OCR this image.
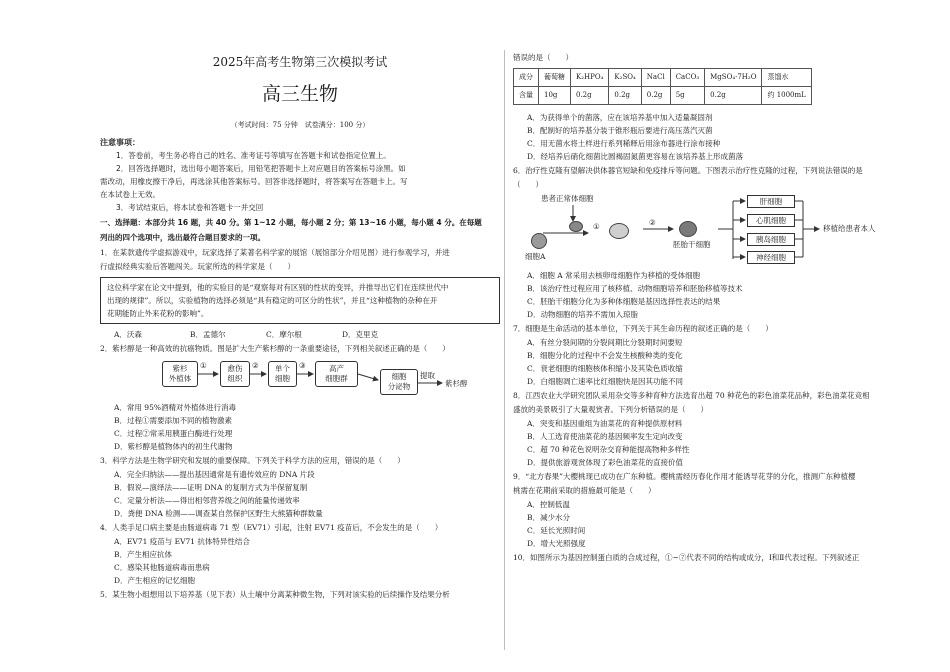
2025年高考生物第三次模拟考试
高三生物
（考试时间：75 分钟　试卷满分：100 分）
注意事项：

1．答卷前，考生务必将自己的姓名、准考证号等填写在答题卡和试卷指定位置上。

2．回答选择题时，选出每小题答案后，用铅笔把答题卡上对应题目的答案标号涂黑。如

需改动，用橡皮擦干净后，再选涂其他答案标号。回答非选择题时，将答案写在答题卡上。写

在本试卷上无效。

3．考试结束后，将本试卷和答题卡一并交回

一、选择题：本部分共 16 题，共 40 分。第 1~12 小题，每小题 2 分；第 13~16 小题，每小题 4 分。在每题
列出的四个选项中，选出最符合题目要求的一项。
1．在某款遗传学虚拟游戏中，玩家选择了某著名科学家的展馆（展馆部分介绍见图）进行参观学习，并进
行虚拟经典实验后答题闯关。玩家所选的科学家是（　　）
这位科学家在论文中提到，他的实验目的是“观察每对有区别的性状的变异，并推导出它们在连续世代中
出现的规律”。所以，实验植物的选择必须是“具有稳定的可区分的性状”，并且“这种植物的杂种在开
花期能防止外来花粉的影响”。
A．沃森	B．孟德尔	C．摩尔根	D．克里克
2．紫杉醇是一种高效的抗癌物质。图是扩大生产紫杉醇的一条重要途径，下列相关叙述正确的是（　　）
紫杉
外植体
①	愈伤
组织
②	单个
细胞
③	高产
细胞群	细胞
分泌物
提取
紫杉醇
A．常用 95%酒精对外植体进行消毒
B．过程①需要添加不同的植物激素
C．过程②常采用胰蛋白酶进行处理
D．紫杉醇是植物体内的初生代谢物
3．科学方法是生物学研究和发展的重要保障。下列关于科学方法的应用，错误的是（　　）
A．完全归纳法——提出基因通常是有遗传效应的 DNA 片段
B．假说—演绎法——证明 DNA 的复制方式为半保留复制
C．定量分析法——得出相邻营养级之间的能量传递效率
D．粪便 DNA 检测——调查某自然保护区野生大熊猫种群数量
4．人类手足口病主要是由肠道病毒 71 型（EV71）引起，注射 EV71 疫苗后，不会发生的是（　　）
A．EV71 疫苗与 EV71 抗体特异性结合
B．产生相应抗体
C．感染其他肠道病毒而患病
D．产生相应的记忆细胞
5．某生物小组想用以下培养基（见下表）从土壤中分离某种微生物，下列对该实验的后续操作及结果分析
错误的是（　　）
成分	葡萄糖	K₂HPO₄	K₂SO₄	NaCl	CaCO₃	MgSO₄·7H₂O	蒸馏水
含量	10g	0.2g	0.2g	0.2g	5g	0.2g	约 1000mL
A．为获得单个的菌落，应在该培养基中加入适量凝固剂
B．配制好的培养基分装于锥形瓶后要进行高压蒸汽灭菌
C．用无菌水将土样进行系列稀释后用涂布器进行涂布接种
D．经培养后硝化细菌比圆褐固氮菌更容易在该培养基上形成菌落
6．治疗性克隆有望解决供体器官短缺和免疫排斥等问题。下图表示治疗性克隆的过程，下列说法错误的是
（　　）
患者正常体细胞
细胞A
①	②
胚胎干细胞
肝细胞
心肌细胞
胰岛细胞
神经细胞
移植给患者本人
A．细胞 A 常采用去核卵母细胞作为移植的受体细胞
B．该治疗性过程应用了核移植、动物细胞培养和胚胎移植等技术
C．胚胎干细胞分化为多种体细胞是基因选择性表达的结果
D．动物细胞的培养不需加入琼脂
7．细胞是生命活动的基本单位，下列关于其生命历程的叙述正确的是（　　）
A．有丝分裂间期的分裂间期比分裂期时间要短
B．细胞分化的过程中不会发生核酸种类的变化
C．衰老细胞的细胞核体积缩小及其染色质收缩
D．白细胞凋亡速率比红细胞快是因其功能不同
8．江西农业大学研究团队采用杂交等多种育种方法选育出超 70 种花色的彩色油菜花品种，彩色油菜花竞相
盛放的美景吸引了大量观赏者。下列分析错误的是（　　）
A．突变和基因重组为油菜花的育种提供原材料
B．人工选育使油菜花的基因频率发生定向改变
C．超 70 种花色说明杂交育种能提高物种多样性
D．提供旅游观赏体现了彩色油菜花的直接价值
9．“北方春果”大樱桃现已成功在广东种植。樱桃需经历春化作用才能诱导花芽的分化，推测广东种植樱
桃需在花期前采取的措施最可能是（　　）
A．控制低温
B．减少水分
C．延长光照时间
D．增大光照强度
10．如图所示为基因控制蛋白质的合成过程，①~⑦代表不同的结构或成分，Ⅰ和Ⅱ代表过程。下列叙述正
